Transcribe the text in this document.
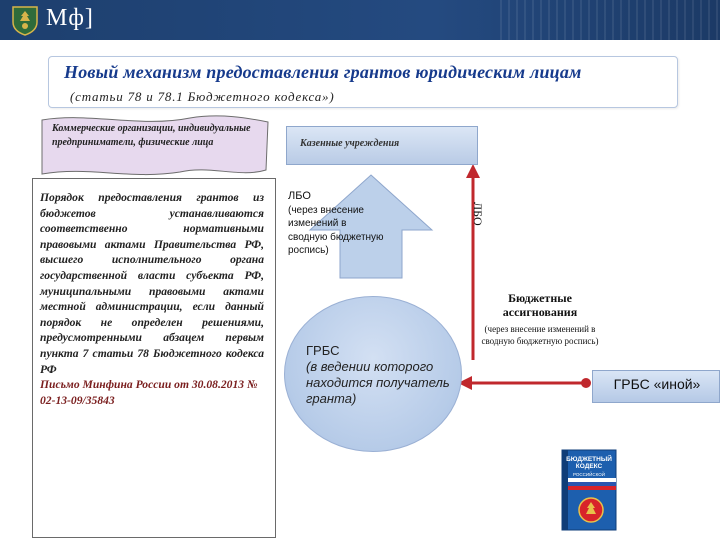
Мф]
Новый механизм предоставления грантов юридическим лицам
(статьи 78 и 78.1 Бюджетного кодекса»)
Коммерческие организации, индивидуальные предприниматели, физические лица
Порядок предоставления грантов из бюджетов устанавливаются соответственно нормативными правовыми актами Правительства РФ, высшего исполнительного органа государственной власти субъекта РФ, муниципальными правовыми актами местной администрации, если данный порядок не определен решениями, предусмотренными абзацем первым пункта 7 статьи 78 Бюджетного кодекса РФ
Письмо Минфина России от 30.08.2013 № 02-13-09/35843
Казенные учреждения
ЛБО
(через внесение изменений в сводную бюджетную роспись)
ЛБО
ГРБС
(в ведении которого находится получатель гранта)
Бюджетные ассигнования
(через внесение изменений в сводную бюджетную роспись)
ГРБС «иной»
БЮДЖЕТНЫЙ КОДЕКС
РОССИЙСКОЙ ФЕДЕРАЦИИ
